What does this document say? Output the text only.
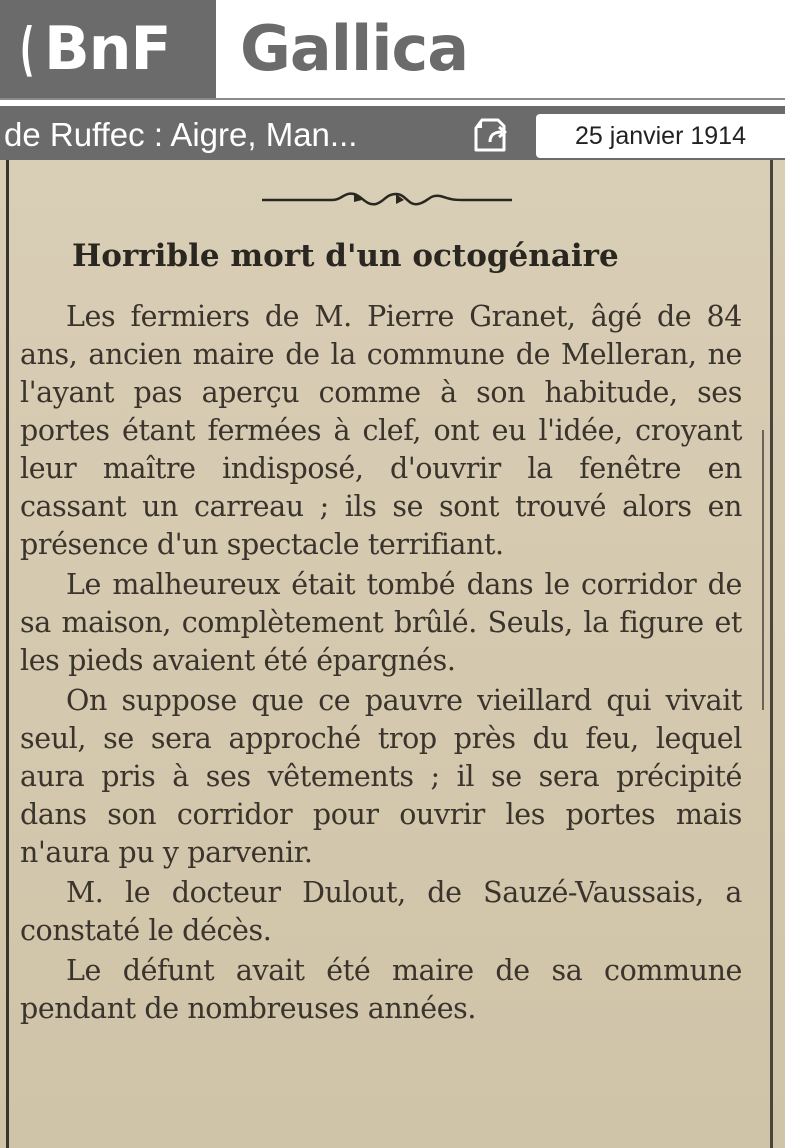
( BnF Gallica
de Ruffec : Aigre, Man...	25 janvier 1914
Horrible mort d'un octogénaire

Les fermiers de M. Pierre Granet, âgé de 84 ans, ancien maire de la commune de Melleran, ne l'ayant pas aperçu comme à son habitude, ses portes étant fermées à clef, ont eu l'idée, croyant leur maître indisposé, d'ouvrir la fenêtre en cassant un carreau ; ils se sont trouvé alors en présence d'un spectacle terrifiant.

Le malheureux était tombé dans le corridor de sa maison, complètement brûlé. Seuls, la figure et les pieds avaient été épargnés.

On suppose que ce pauvre vieillard qui vivait seul, se sera approché trop près du feu, lequel aura pris à ses vêtements ; il se sera précipité dans son corridor pour ouvrir les portes mais n'aura pu y parvenir.

M. le docteur Dulout, de Sauzé-Vaussais, a constaté le décès.

Le défunt avait été maire de sa commune pendant de nombreuses années.
